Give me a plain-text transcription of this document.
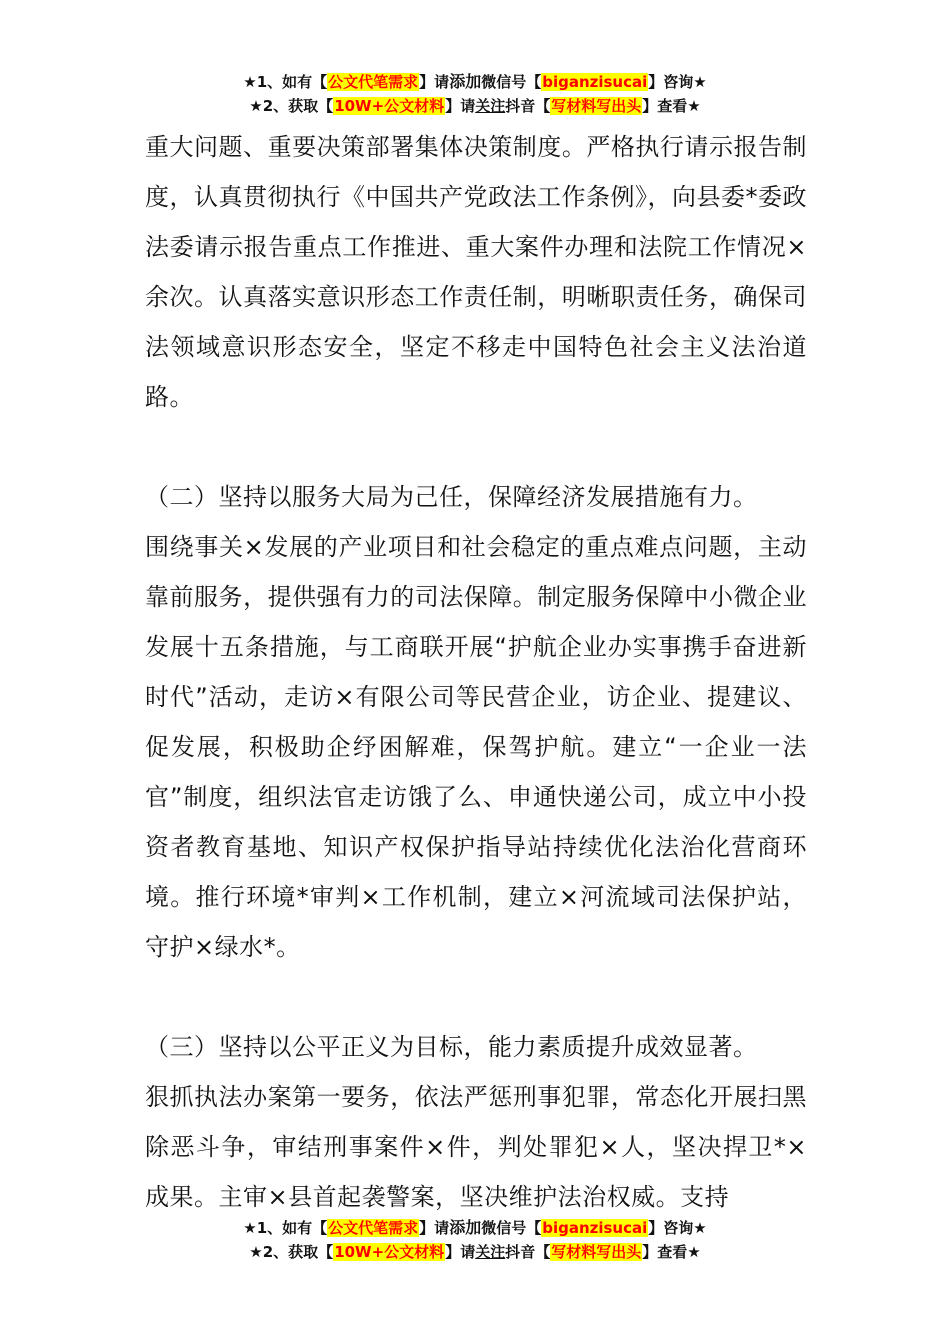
★1、如有【公文代笔需求】请添加微信号【biganzisucai】咨询★
★2、获取【10W+公文材料】请关注抖音【写材料写出头】查看★

重大问题、重要决策部署集体决策制度。严格执行请示报告制度，认真贯彻执行《中国共产党政法工作条例》，向县委*委政法委请示报告重点工作推进、重大案件办理和法院工作情况×余次。认真落实意识形态工作责任制，明晰职责任务，确保司法领域意识形态安全，坚定不移走中国特色社会主义法治道路。

（二）坚持以服务大局为己任，保障经济发展措施有力。

围绕事关×发展的产业项目和社会稳定的重点难点问题，主动靠前服务，提供强有力的司法保障。制定服务保障中小微企业发展十五条措施，与工商联开展“护航企业办实事携手奋进新时代”活动，走访×有限公司等民营企业，访企业、提建议、促发展，积极助企纾困解难，保驾护航。建立“一企业一法官”制度，组织法官走访饿了么、申通快递公司，成立中小投资者教育基地、知识产权保护指导站持续优化法治化营商环境。推行环境*审判×工作机制，建立×河流域司法保护站，守护×绿水*。

（三）坚持以公平正义为目标，能力素质提升成效显著。

狠抓执法办案第一要务，依法严惩刑事犯罪，常态化开展扫黑除恶斗争，审结刑事案件×件，判处罪犯×人，坚决捍卫*×成果。主审×县首起袭警案，坚决维护法治权威。支持

★1、如有【公文代笔需求】请添加微信号【biganzisucai】咨询★
★2、获取【10W+公文材料】请关注抖音【写材料写出头】查看★
